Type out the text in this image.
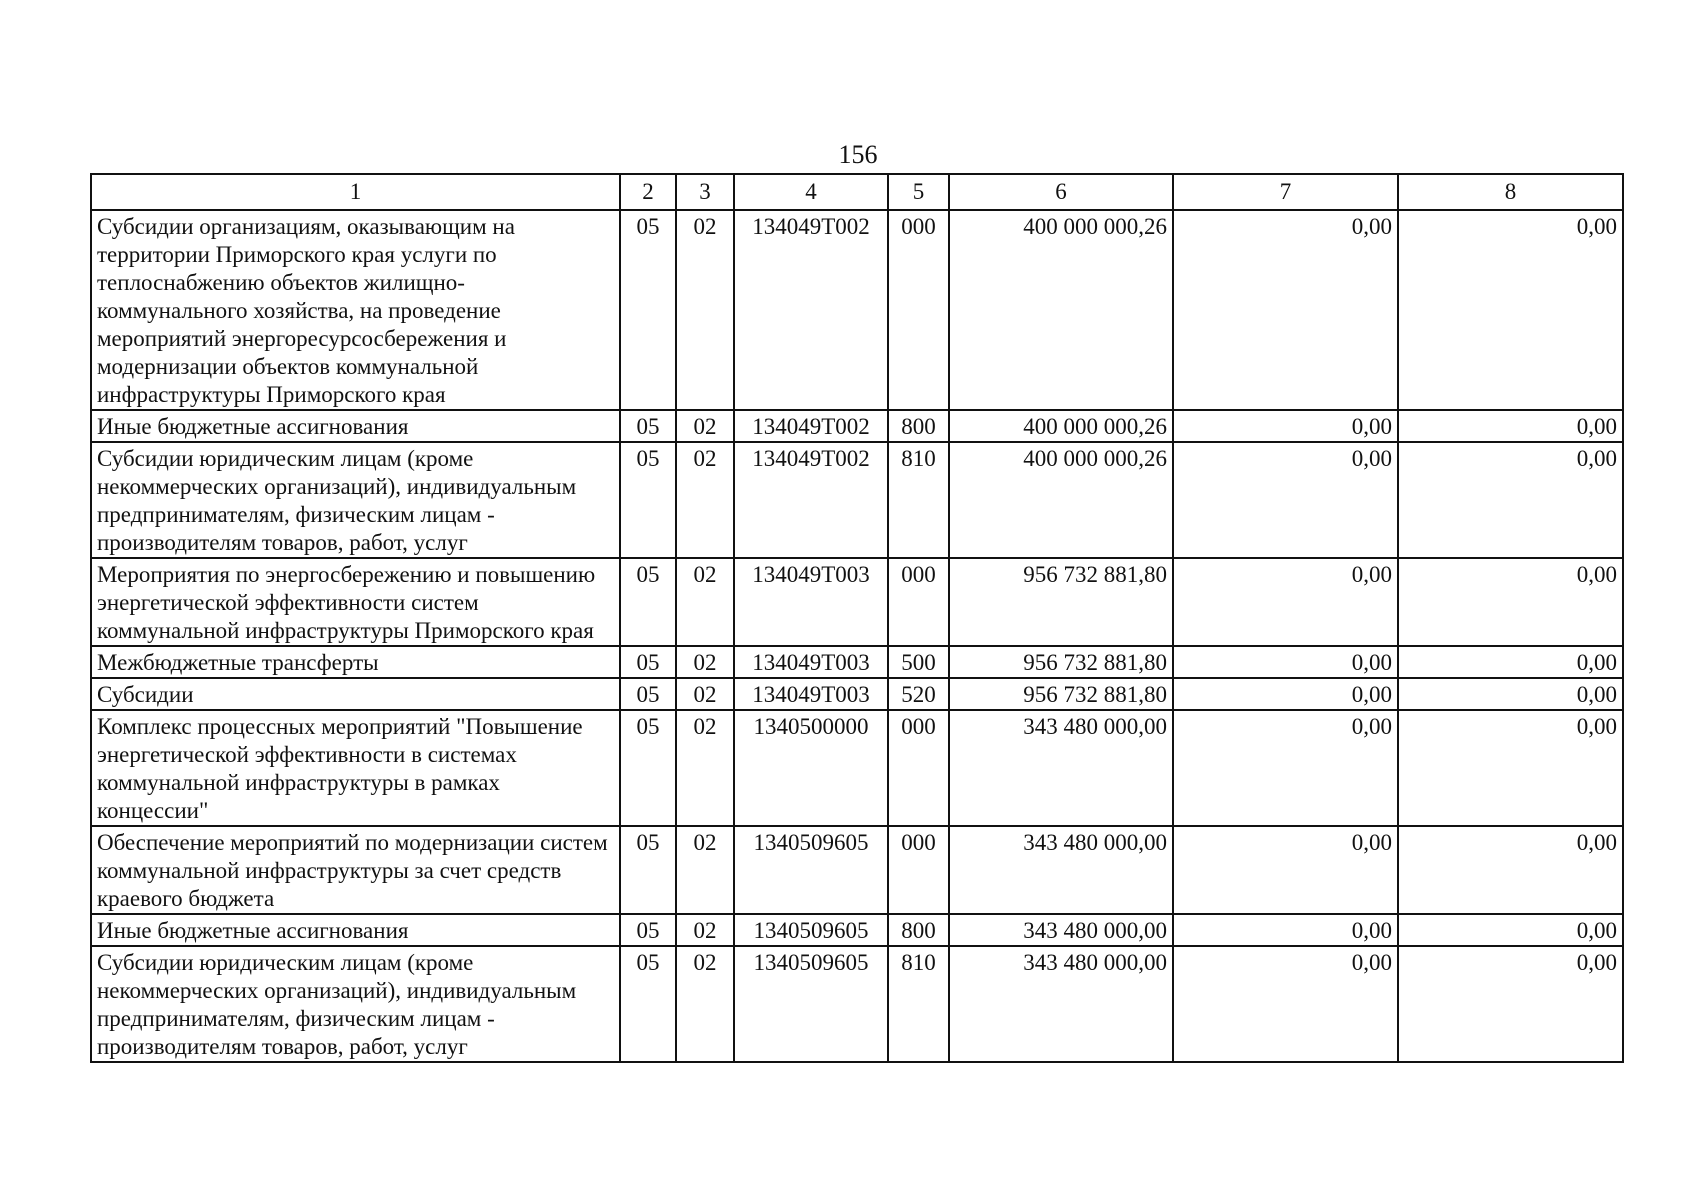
156
1	2	3	4	5	6	7	8
Субсидии организациям, оказывающим на территории Приморского края услуги по теплоснабжению объектов жилищно-коммунального хозяйства, на проведение мероприятий энергоресурсосбережения и модернизации объектов коммунальной инфраструктуры Приморского края	05	02	134049Т002	000	400 000 000,26	0,00	0,00
Иные бюджетные ассигнования	05	02	134049Т002	800	400 000 000,26	0,00	0,00
Субсидии юридическим лицам (кроме некоммерческих организаций), индивидуальным предпринимателям, физическим лицам - производителям товаров, работ, услуг	05	02	134049Т002	810	400 000 000,26	0,00	0,00
Мероприятия по энергосбережению и повышению энергетической эффективности систем коммунальной инфраструктуры Приморского края	05	02	134049Т003	000	956 732 881,80	0,00	0,00
Межбюджетные трансферты	05	02	134049Т003	500	956 732 881,80	0,00	0,00
Субсидии	05	02	134049Т003	520	956 732 881,80	0,00	0,00
Комплекс процессных мероприятий "Повышение энергетической эффективности в системах коммунальной инфраструктуры в рамках концессии"	05	02	1340500000	000	343 480 000,00	0,00	0,00
Обеспечение мероприятий по модернизации систем коммунальной инфраструктуры за счет средств краевого бюджета	05	02	1340509605	000	343 480 000,00	0,00	0,00
Иные бюджетные ассигнования	05	02	1340509605	800	343 480 000,00	0,00	0,00
Субсидии юридическим лицам (кроме некоммерческих организаций), индивидуальным предпринимателям, физическим лицам - производителям товаров, работ, услуг	05	02	1340509605	810	343 480 000,00	0,00	0,00
